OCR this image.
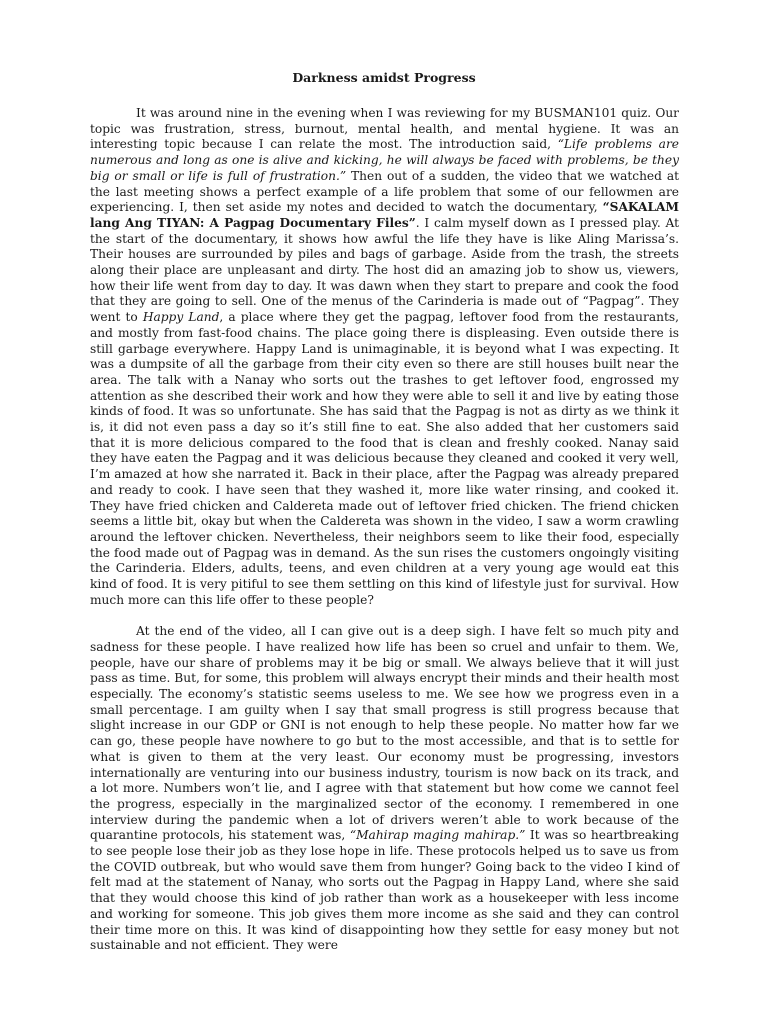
Darkness amidst Progress

It was around nine in the evening when I was reviewing for my BUSMAN101 quiz. Our topic was frustration, stress, burnout, mental health, and mental hygiene. It was an interesting topic because I can relate the most. The introduction said, “Life problems are numerous and long as one is alive and kicking, he will always be faced with problems, be they big or small or life is full of frustration.” Then out of a sudden, the video that we watched at the last meeting shows a perfect example of a life problem that some of our fellowmen are experiencing. I, then set aside my notes and decided to watch the documentary, “SAKALAM lang Ang TIYAN: A Pagpag Documentary Files”. I calm myself down as I pressed play. At the start of the documentary, it shows how awful the life they have is like Aling Marissa’s. Their houses are surrounded by piles and bags of garbage. Aside from the trash, the streets along their place are unpleasant and dirty. The host did an amazing job to show us, viewers, how their life went from day to day. It was dawn when they start to prepare and cook the food that they are going to sell. One of the menus of the Carinderia is made out of “Pagpag”. They went to Happy Land, a place where they get the pagpag, leftover food from the restaurants, and mostly from fast-food chains. The place going there is displeasing. Even outside there is still garbage everywhere. Happy Land is unimaginable, it is beyond what I was expecting. It was a dumpsite of all the garbage from their city even so there are still houses built near the area. The talk with a Nanay who sorts out the trashes to get leftover food, engrossed my attention as she described their work and how they were able to sell it and live by eating those kinds of food. It was so unfortunate. She has said that the Pagpag is not as dirty as we think it is, it did not even pass a day so it’s still fine to eat. She also added that her customers said that it is more delicious compared to the food that is clean and freshly cooked. Nanay said they have eaten the Pagpag and it was delicious because they cleaned and cooked it very well, I’m amazed at how she narrated it. Back in their place, after the Pagpag was already prepared and ready to cook. I have seen that they washed it, more like water rinsing, and cooked it. They have fried chicken and Caldereta made out of leftover fried chicken. The friend chicken seems a little bit, okay but when the Caldereta was shown in the video, I saw a worm crawling around the leftover chicken. Nevertheless, their neighbors seem to like their food, especially the food made out of Pagpag was in demand. As the sun rises the customers ongoingly visiting the Carinderia. Elders, adults, teens, and even children at a very young age would eat this kind of food. It is very pitiful to see them settling on this kind of lifestyle just for survival. How much more can this life offer to these people?

At the end of the video, all I can give out is a deep sigh. I have felt so much pity and sadness for these people. I have realized how life has been so cruel and unfair to them. We, people, have our share of problems may it be big or small. We always believe that it will just pass as time. But, for some, this problem will always encrypt their minds and their health most especially. The economy’s statistic seems useless to me. We see how we progress even in a small percentage. I am guilty when I say that small progress is still progress because that slight increase in our GDP or GNI is not enough to help these people. No matter how far we can go, these people have nowhere to go but to the most accessible, and that is to settle for what is given to them at the very least. Our economy must be progressing, investors internationally are venturing into our business industry, tourism is now back on its track, and a lot more. Numbers won’t lie, and I agree with that statement but how come we cannot feel the progress, especially in the marginalized sector of the economy. I remembered in one interview during the pandemic when a lot of drivers weren’t able to work because of the quarantine protocols, his statement was, “Mahirap maging mahirap.” It was so heartbreaking to see people lose their job as they lose hope in life. These protocols helped us to save us from the COVID outbreak, but who would save them from hunger? Going back to the video I kind of felt mad at the statement of Nanay, who sorts out the Pagpag in Happy Land, where she said that they would choose this kind of job rather than work as a housekeeper with less income and working for someone. This job gives them more income as she said and they can control their time more on this. It was kind of disappointing how they settle for easy money but not sustainable and not efficient. They were
